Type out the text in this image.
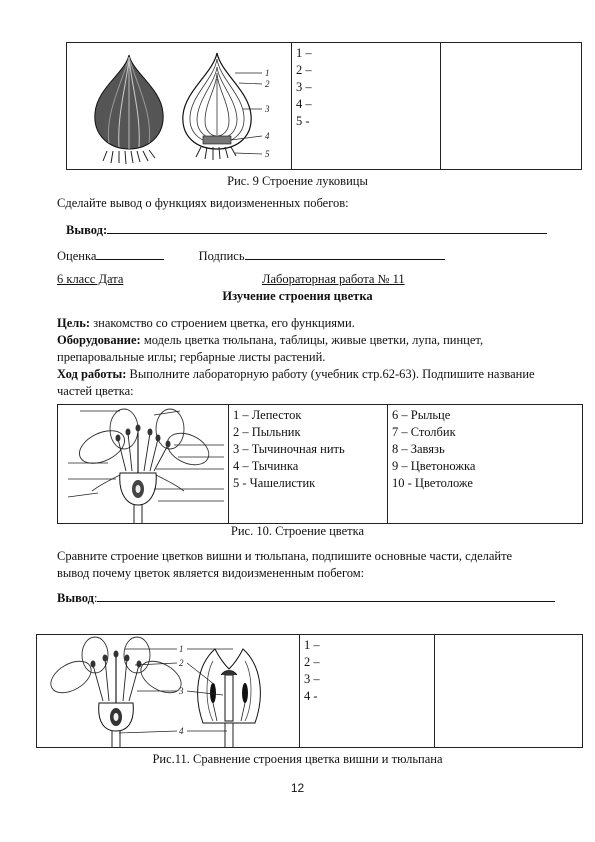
1
2
3
4
5

1 –
2 –
3 –
4 –
5 -

Рис. 9 Строение луковицы
Сделайте вывод о функциях видоизмененных побегов:
Вывод:
Оценка	Подпись
6 класс Дата	Лабораторная работа № 11
Изучение строения цветка
Цель: знакомство со строением цветка, его функциями.
Оборудование: модель цветка тюльпана, таблицы, живые цветки, лупа, пинцет, препаровальные иглы; гербарные листы растений.
Ход работы: Выполните лабораторную работу (учебник стр.62-63). Подпишите название частей цветка:

1 – Лепесток
2 – Пыльник
3 – Тычиночная нить
4 – Тычинка
5 - Чашелистик

6 – Рыльце
7 – Столбик
8 – Завязь
9 – Цветоножка
10 - Цветоложе
Рис. 10. Строение цветка
Сравните строение цветков вишни и тюльпана, подпишите основные части, сделайте вывод почему цветок является видоизмененным побегом:
Вывод:
1
2
3
4

1 –
2 –
3 –
4 -

Рис.11. Сравнение строения цветка вишни и тюльпана
12
